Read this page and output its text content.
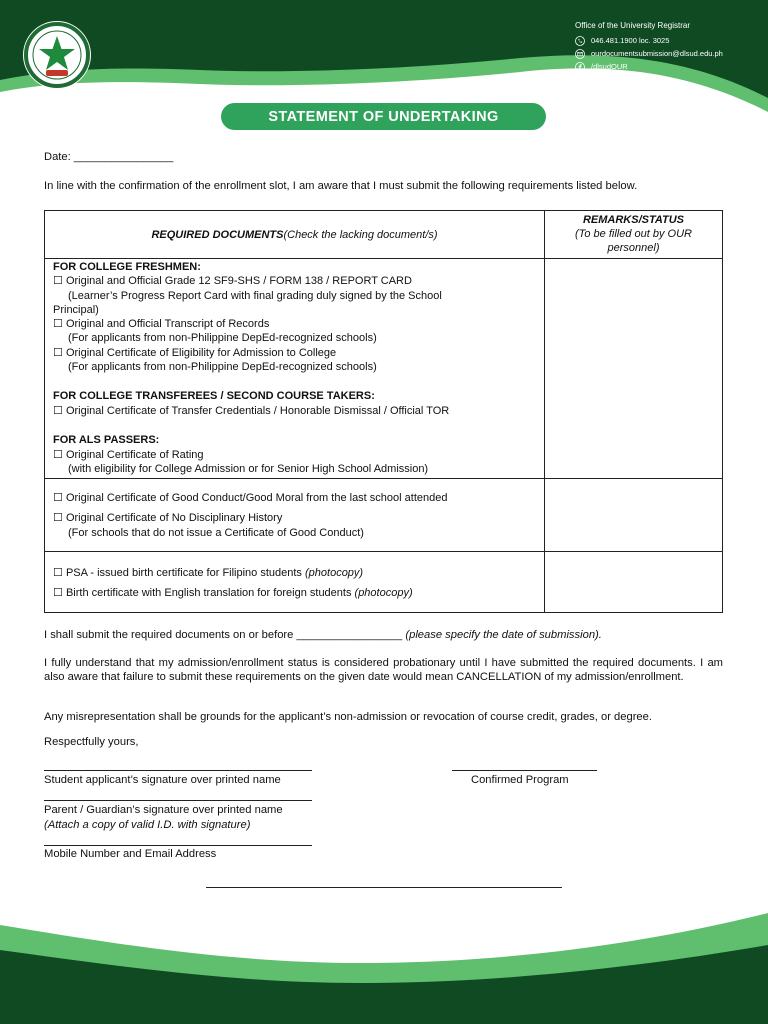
Office of the University Registrar
046.481.1900 loc. 3025
ourdocumentsubmission@dlsud.edu.ph
/dlsudOUR
STATEMENT OF UNDERTAKING
Date: ________________
In line with the confirmation of the enrollment slot, I am aware that I must submit the following requirements listed below.
REQUIRED DOCUMENTS (Check the lacking document/s)
REMARKS/STATUS
(To be filled out by OUR
personnel)
FOR COLLEGE FRESHMEN:
☐ Original and Official Grade 12 SF9-SHS / FORM 138 / REPORT CARD
(Learner’s Progress Report Card with final grading duly signed by the School
Principal)
☐ Original and Official Transcript of Records
(For applicants from non-Philippine DepEd-recognized schools)
☐ Original Certificate of Eligibility for Admission to College
(For applicants from non-Philippine DepEd-recognized schools)
FOR COLLEGE TRANSFEREES / SECOND COURSE TAKERS:
☐ Original Certificate of Transfer Credentials / Honorable Dismissal / Official TOR
FOR ALS PASSERS:
☐ Original Certificate of Rating
(with eligibility for College Admission or for Senior High School Admission)
☐ Original Certificate of Good Conduct/Good Moral from the last school attended
☐ Original Certificate of No Disciplinary History
(For schools that do not issue a Certificate of Good Conduct)
☐ PSA - issued birth certificate for Filipino students (photocopy)
☐ Birth certificate with English translation for foreign students (photocopy)
I shall submit the required documents on or before _________________ (please specify the date of submission).
I fully understand that my admission/enrollment status is considered probationary until I have submitted the required documents. I am also aware that failure to submit these requirements on the given date would mean CANCELLATION of my admission/enrollment.
Any misrepresentation shall be grounds for the applicant’s non-admission or revocation of course credit, grades, or degree.
Respectfully yours,
Student applicant’s signature over printed name	Confirmed Program
Parent / Guardian’s signature over printed name
(Attach a copy of valid I.D. with signature)
Mobile Number and Email Address
